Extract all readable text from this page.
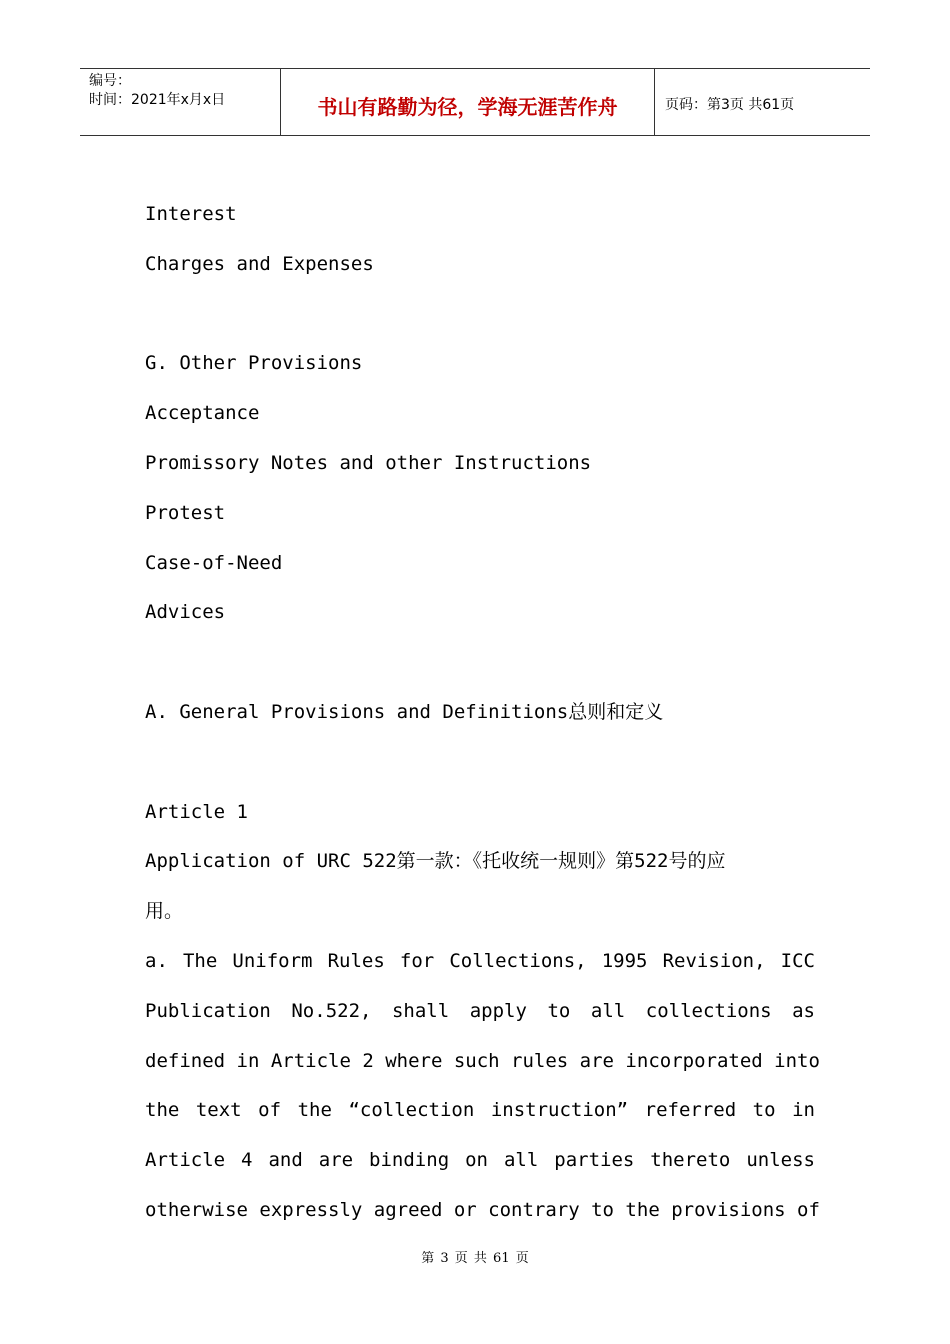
编号：
时间：2021年x月x日	书山有路勤为径，学海无涯苦作舟	页码：第3页 共61页
Interest
Charges and Expenses
G. Other Provisions
Acceptance
Promissory Notes and other Instructions
Protest
Case-of-Need
Advices
A. General Provisions and Definitions总则和定义
Article 1
Application of URC 522第一款：《托收统一规则》第522号的应
用。
a. The Uniform Rules for Collections, 1995 Revision, ICC
Publication No.522, shall apply to all collections as
defined in Article 2 where such rules are incorporated into
the text of the “collection instruction” referred to in
Article 4 and are binding on all parties thereto unless
otherwise expressly agreed or contrary to the provisions of
第 3 页 共 61 页
